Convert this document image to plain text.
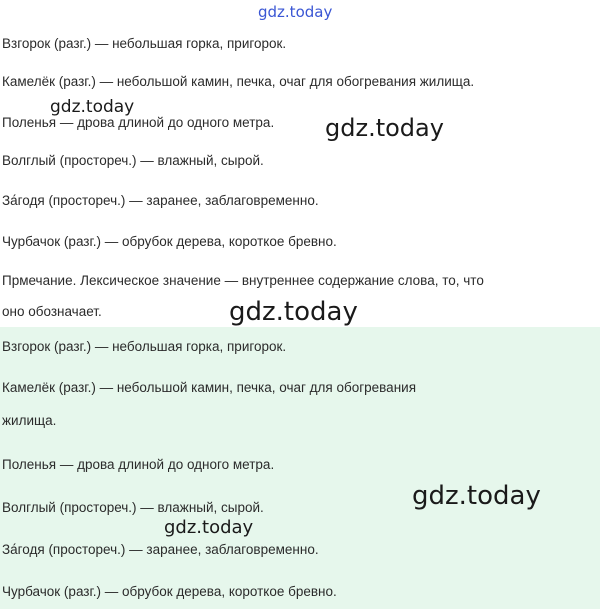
Взгорок (разг.) — небольшая горка, пригорок.
Камелёк (разг.) — небольшой камин, печка, очаг для обогревания жилища.
Поленья — дрова длиной до одного метра.
Волглый (простореч.) — влажный, сырой.
За́годя (простореч.) — заранее, заблаговременно.
Чурбачок (разг.) — обрубок дерева, короткое бревно.
Прмечание. Лексическое значение — внутреннее содержание слова, то, что
оно обозначает.
Взгорок (разг.) — небольшая горка, пригорок.
Камелёк (разг.) — небольшой камин, печка, очаг для обогревания
жилища.
Поленья — дрова длиной до одного метра.
Волглый (простореч.) — влажный, сырой.
За́годя (простореч.) — заранее, заблаговременно.
Чурбачок (разг.) — обрубок дерева, короткое бревно.
gdz.today
gdz.today
gdz.today
gdz.today
gdz.today
gdz.today
